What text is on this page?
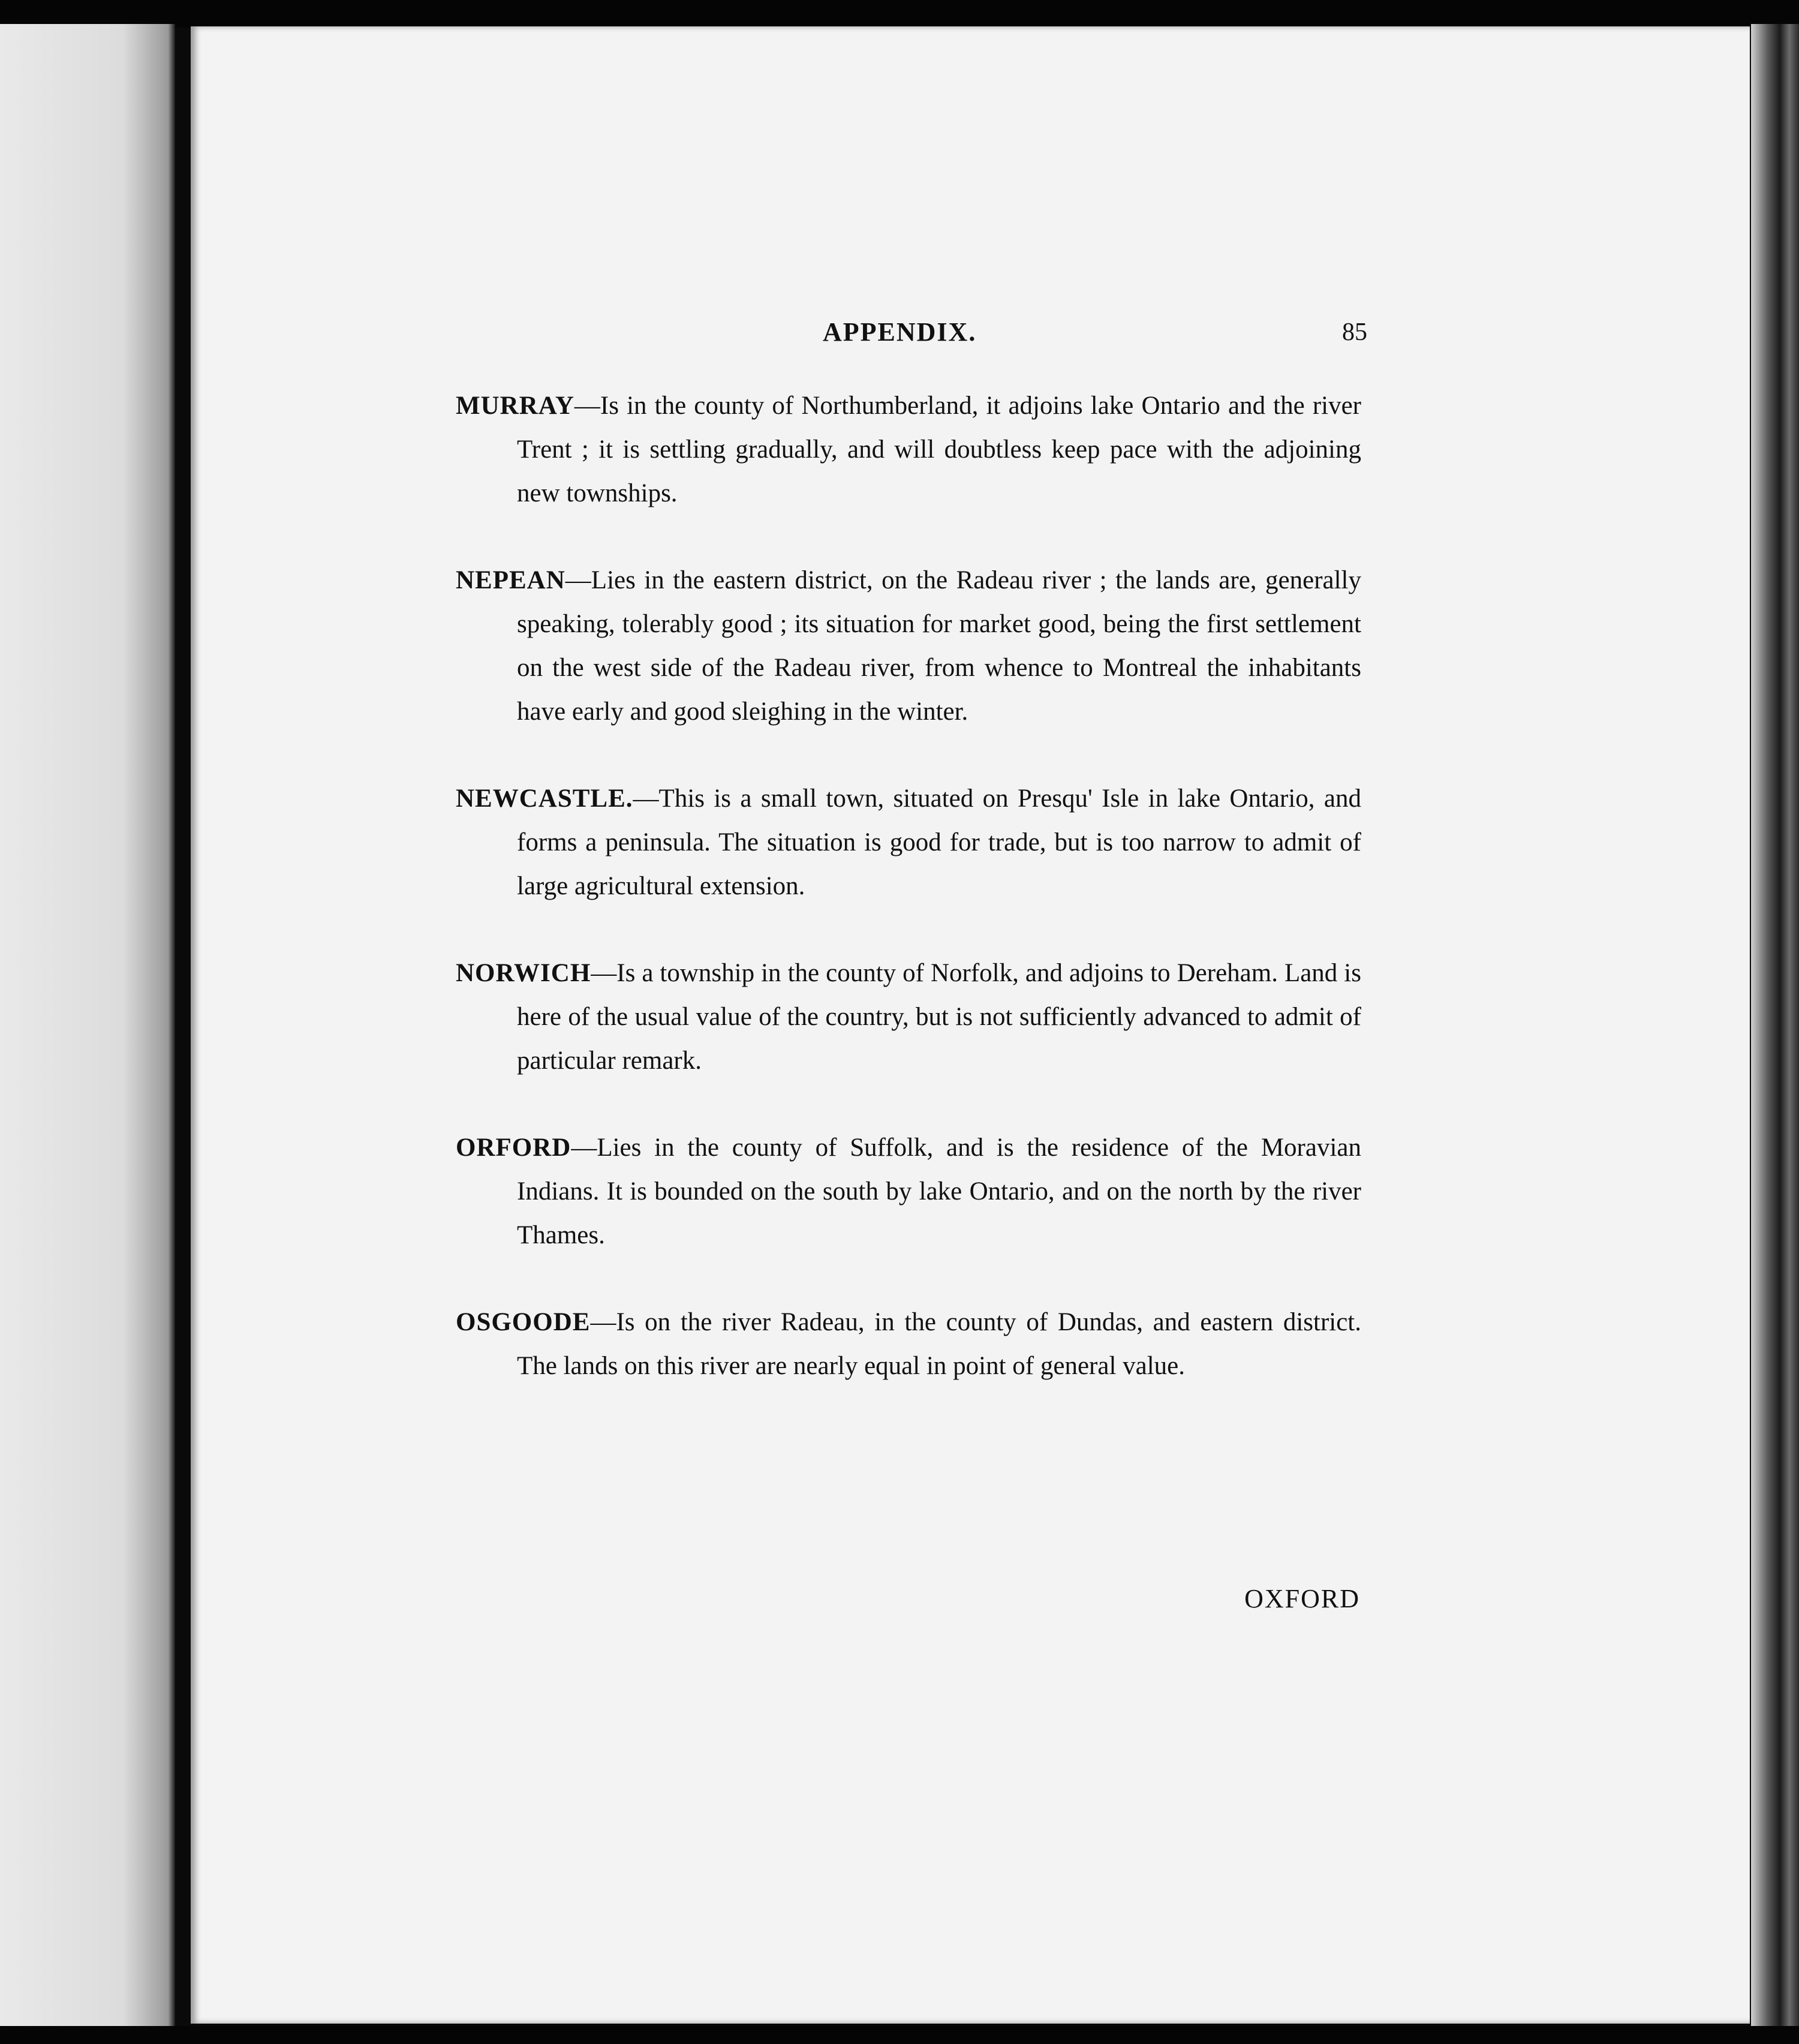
APPENDIX.	85

MURRAY—Is in the county of Northumberland, it adjoins lake Ontario and the river Trent ; it is settling gradually, and will doubtless keep pace with the adjoining new townships.

NEPEAN—Lies in the eastern district, on the Radeau river ; the lands are, generally speaking, tolerably good ; its situation for market good, being the first settlement on the west side of the Radeau river, from whence to Montreal the inhabitants have early and good sleighing in the winter.

NEWCASTLE.—This is a small town, situated on Presqu' Isle in lake Ontario, and forms a peninsula. The situation is good for trade, but is too narrow to admit of large agricultural extension.

NORWICH—Is a township in the county of Norfolk, and adjoins to Dereham. Land is here of the usual value of the country, but is not sufficiently advanced to admit of particular remark.

ORFORD—Lies in the county of Suffolk, and is the residence of the Moravian Indians. It is bounded on the south by lake Ontario, and on the north by the river Thames.

OSGOODE—Is on the river Radeau, in the county of Dundas, and eastern district. The lands on this river are nearly equal in point of general value.

OXFORD
